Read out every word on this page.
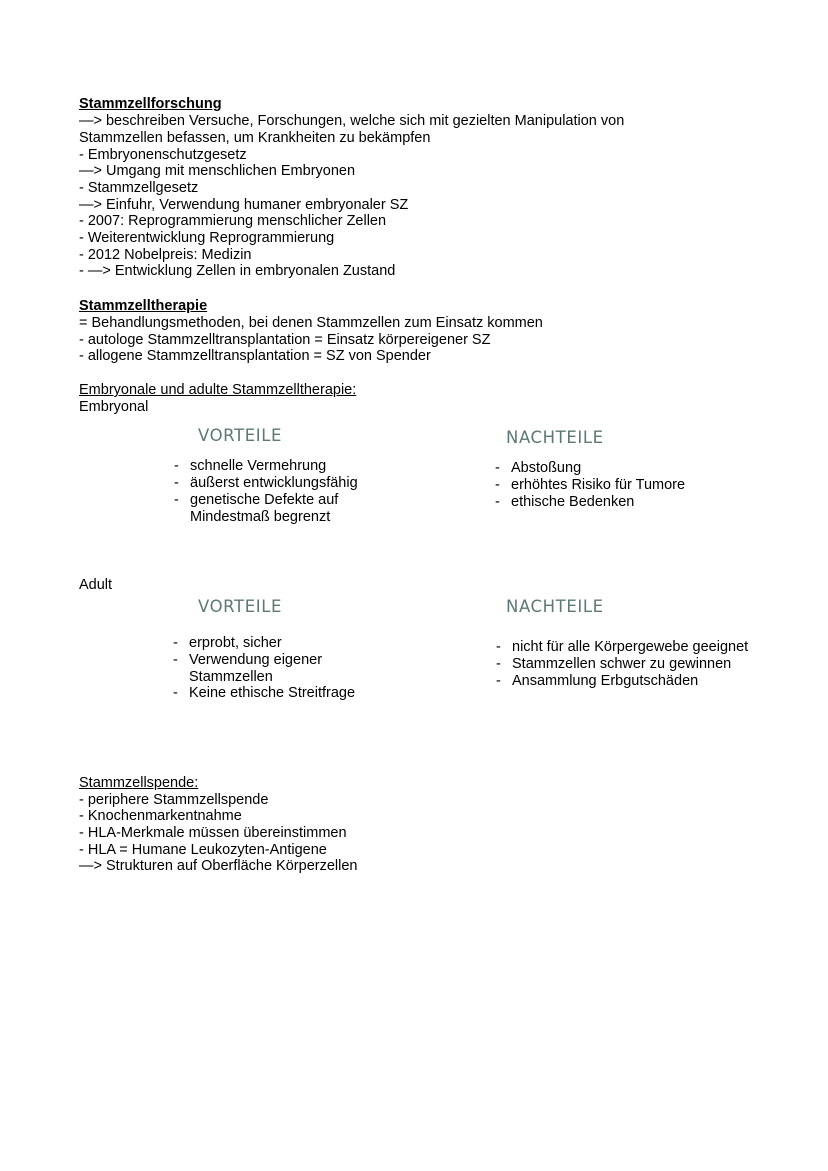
Stammzellforschung
—> beschreiben Versuche, Forschungen, welche sich mit gezielten Manipulation von
Stammzellen befassen, um Krankheiten zu bekämpfen
- Embryonenschutzgesetz
—> Umgang mit menschlichen Embryonen
- Stammzellgesetz
—> Einfuhr, Verwendung humaner embryonaler SZ
- 2007: Reprogrammierung menschlicher Zellen
- Weiterentwicklung Reprogrammierung
- 2012 Nobelpreis: Medizin
- —> Entwicklung Zellen in embryonalen Zustand
Stammzelltherapie
= Behandlungsmethoden, bei denen Stammzellen zum Einsatz kommen
- autologe Stammzelltransplantation = Einsatz körpereigener SZ
- allogene Stammzelltransplantation = SZ von Spender
Embryonale und adulte Stammzelltherapie:
Embryonal
VORTEILE
- schnelle Vermehrung
- äußerst entwicklungsfähig
- genetische Defekte auf
Mindestmaß begrenzt
NACHTEILE
- Abstoßung
- erhöhtes Risiko für Tumore
- ethische Bedenken
Adult
VORTEILE
- erprobt, sicher
- Verwendung eigener
Stammzellen
- Keine ethische Streitfrage
NACHTEILE
- nicht für alle Körpergewebe geeignet
- Stammzellen schwer zu gewinnen
- Ansammlung Erbgutschäden
Stammzellspende:
- periphere Stammzellspende
- Knochenmarkentnahme
- HLA-Merkmale müssen übereinstimmen
- HLA = Humane Leukozyten-Antigene
—> Strukturen auf Oberfläche Körperzellen
